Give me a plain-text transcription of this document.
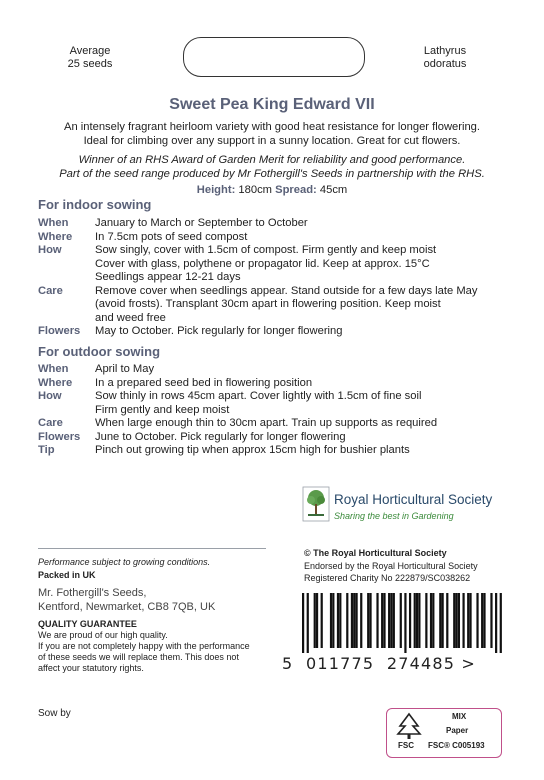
Average
25 seeds
Lathyrus
odoratus
Sweet Pea King Edward VII
An intensely fragrant heirloom variety with good heat resistance for longer flowering.
Ideal for climbing over any support in a sunny location. Great for cut flowers.
Winner of an RHS Award of Garden Merit for reliability and good performance.
Part of the seed range produced by Mr Fothergill's Seeds in partnership with the RHS.
Height: 180cm Spread: 45cm
For indoor sowing
When	January to March or September to October
Where	In 7.5cm pots of seed compost
How	Sow singly, cover with 1.5cm of compost. Firm gently and keep moist
Cover with glass, polythene or propagator lid. Keep at approx. 15°C
Seedlings appear 12-21 days
Care	Remove cover when seedlings appear. Stand outside for a few days late May
(avoid frosts). Transplant 30cm apart in flowering position. Keep moist
and weed free
Flowers	May to October. Pick regularly for longer flowering
For outdoor sowing
When	April to May
Where	In a prepared seed bed in flowering position
How	Sow thinly in rows 45cm apart. Cover lightly with 1.5cm of fine soil
Firm gently and keep moist
Care	When large enough thin to 30cm apart. Train up supports as required
Flowers	June to October. Pick regularly for longer flowering
Tip	Pinch out growing tip when approx 15cm high for bushier plants
Royal Horticultural Society
Sharing the best in Gardening
Performance subject to growing conditions.
Packed in UK
Mr. Fothergill's Seeds,
Kentford, Newmarket, CB8 7QB, UK
QUALITY GUARANTEE
We are proud of our high quality.
If you are not completely happy with the performance
of these seeds we will replace them. This does not
affect your statutory rights.
Sow by
© The Royal Horticultural Society
Endorsed by the Royal Horticultural Society
Registered Charity No 222879/SC038262
5 011775 274485 >
FSC
MIX
Paper
FSC® C005193
